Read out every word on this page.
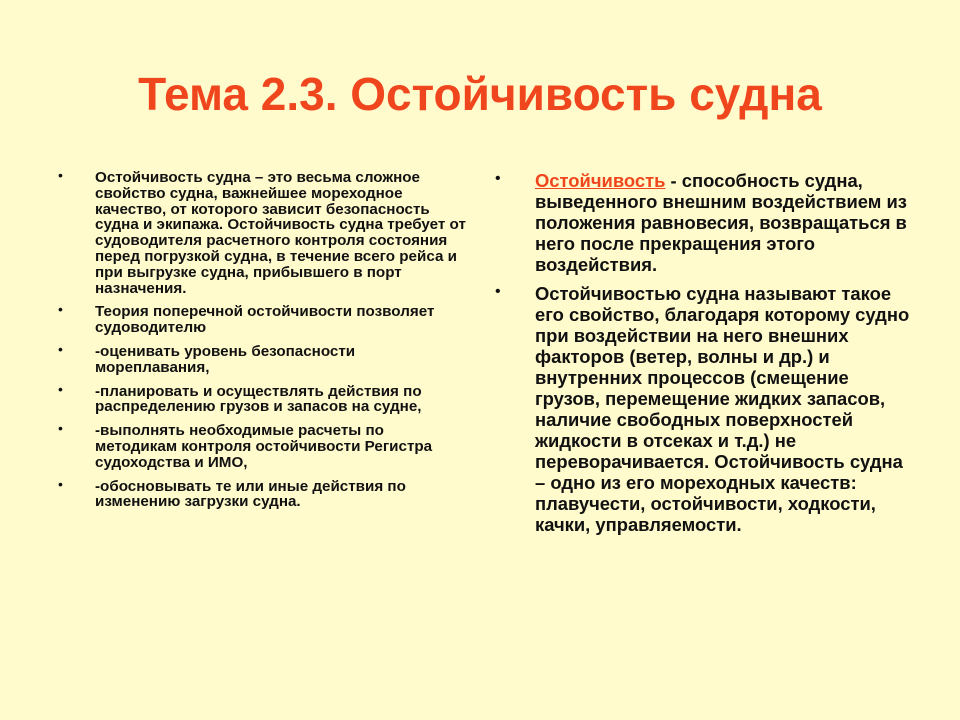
Тема 2.3. Остойчивость судна
• Остойчивость судна – это весьма сложное свойство судна, важнейшее мореходное качество, от которого зависит безопасность судна и экипажа. Остойчивость судна требует от судоводителя расчетного контроля состояния перед погрузкой судна, в течение всего рейса и при выгрузке судна, прибывшего в порт назначения.
• Теория поперечной остойчивости позволяет судоводителю
• -оценивать уровень безопасности мореплавания,
• -планировать и осуществлять действия по распределению грузов и запасов на судне,
• -выполнять необходимые расчеты по методикам контроля остойчивости Регистра судоходства и ИМО,
• -обосновывать те или иные действия по изменению загрузки судна.
• Остойчивость - способность судна, выведенного внешним воздействием из положения равновесия, возвращаться в него после прекращения этого воздействия.
• Остойчивостью судна называют такое его свойство, благодаря которому судно при воздействии на него внешних факторов (ветер, волны и др.) и внутренних процессов (смещение грузов, перемещение жидких запасов, наличие свободных поверхностей жидкости в отсеках и т.д.) не переворачивается. Остойчивость судна – одно из его мореходных качеств: плавучести, остойчивости, ходкости, качки, управляемости.
